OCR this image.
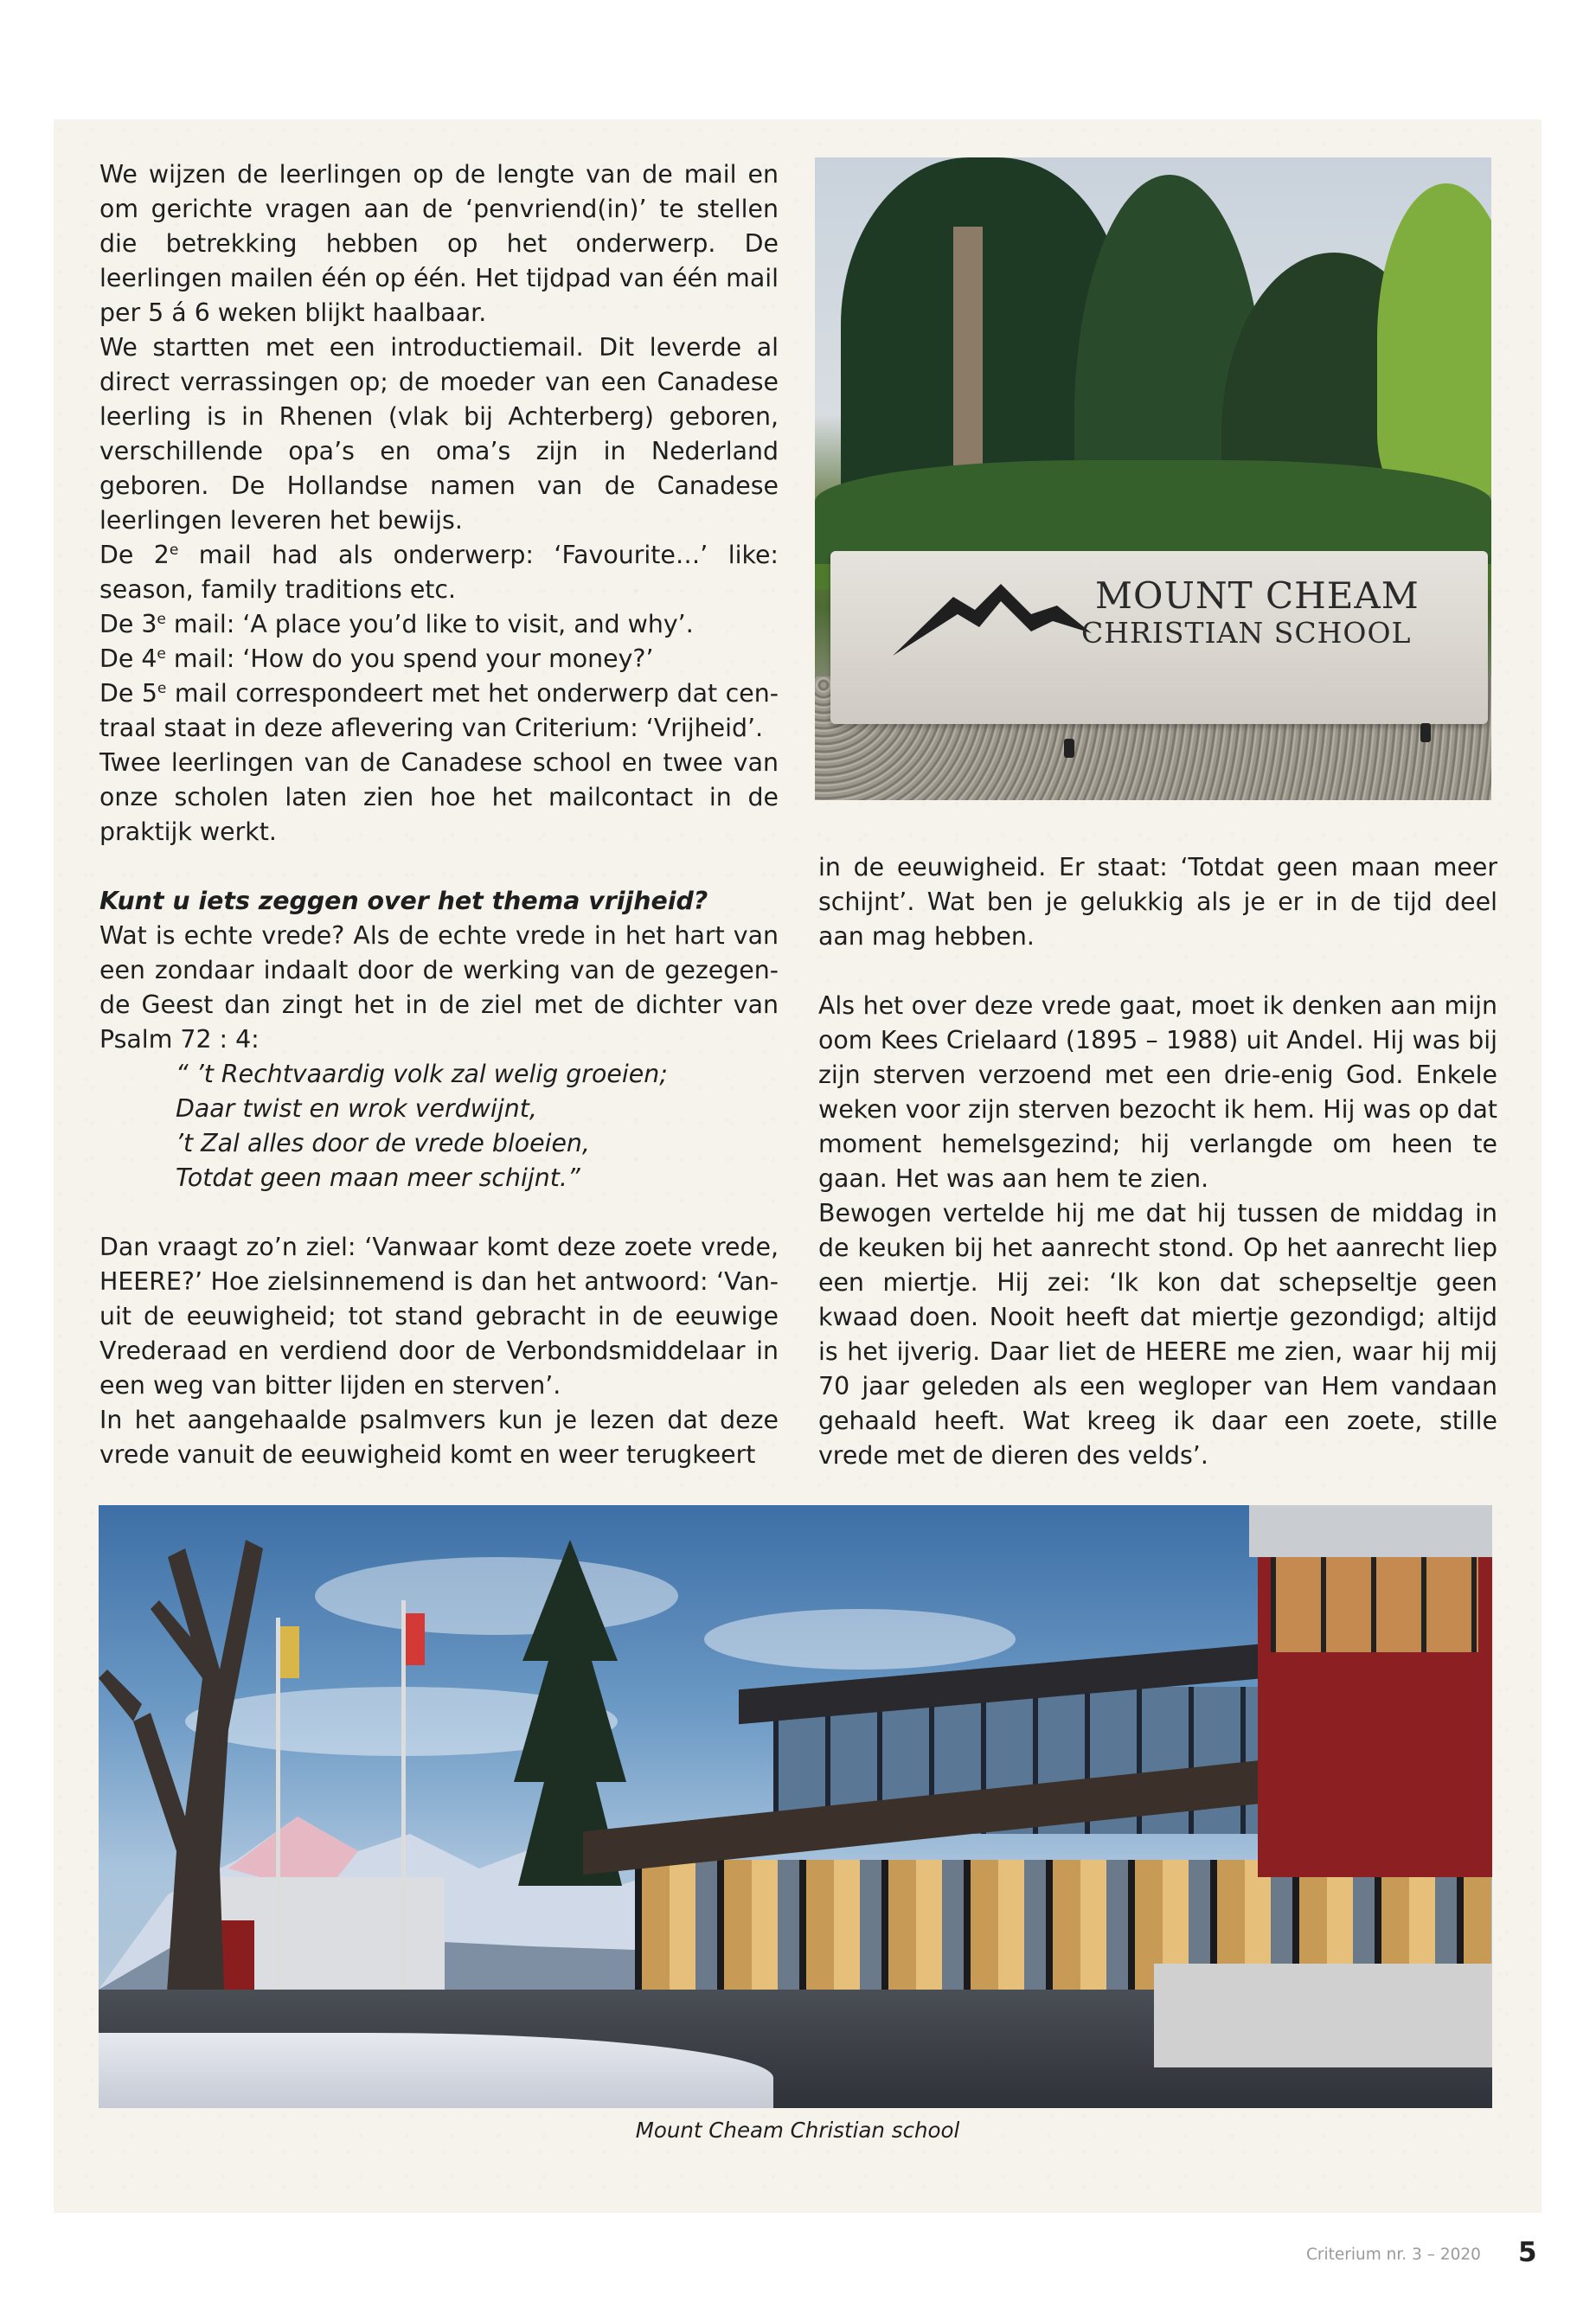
We wijzen de leerlingen op de lengte van de mail en om gerichte vragen aan de ‘penvriend(in)’ te stellen die betrekking hebben op het onderwerp. De leerlingen mailen één op één. Het tijdpad van één mail per 5 á 6 weken blijkt haalbaar.

We startten met een introductiemail. Dit leverde al direct verrassingen op; de moeder van een Canadese leerling is in Rhenen (vlak bij Achterberg) geboren, verschillende opa’s en oma’s zijn in Nederland geboren. De Hollandse namen van de Canadese leerlingen leveren het bewijs.

De 2e mail had als onderwerp: ‘Favourite…’ like: season, family traditions etc.

De 3e mail: ‘A place you’d like to visit, and why’.

De 4e mail: ‘How do you spend your money?’

De 5e mail correspondeert met het onderwerp dat centraal staat in deze aflevering van Criterium: ‘Vrijheid’.

Twee leerlingen van de Canadese school en twee van onze scholen laten zien hoe het mailcontact in de praktijk werkt.

Kunt u iets zeggen over het thema vrijheid?

Wat is echte vrede? Als de echte vrede in het hart van een zondaar indaalt door de werking van de gezegende Geest dan zingt het in de ziel met de dichter van Psalm 72 : 4:

“ ’t Rechtvaardig volk zal welig groeien;

Daar twist en wrok verdwijnt,

’t Zal alles door de vrede bloeien,

Totdat geen maan meer schijnt.”

Dan vraagt zo’n ziel: ‘Vanwaar komt deze zoete vrede, HEERE?’ Hoe zielsinnemend is dan het antwoord: ‘Vanuit de eeuwigheid; tot stand gebracht in de eeuwige Vrederaad en verdiend door de Verbondsmiddelaar in een weg van bitter lijden en sterven’.

In het aangehaalde psalmvers kun je lezen dat deze vrede vanuit de eeuwigheid komt en weer terugkeert

MOUNT CHEAM
CHRISTIAN SCHOOL

in de eeuwigheid. Er staat: ‘Totdat geen maan meer schijnt’. Wat ben je gelukkig als je er in de tijd deel aan mag hebben.

Als het over deze vrede gaat, moet ik denken aan mijn oom Kees Crielaard (1895 – 1988) uit Andel. Hij was bij zijn sterven verzoend met een drie-enig God. Enkele weken voor zijn sterven bezocht ik hem. Hij was op dat moment hemelsgezind; hij verlangde om heen te gaan. Het was aan hem te zien.

Bewogen vertelde hij me dat hij tussen de middag in de keuken bij het aanrecht stond. Op het aanrecht liep een miertje. Hij zei: ‘Ik kon dat schepseltje geen kwaad doen. Nooit heeft dat miertje gezondigd; altijd is het ijverig. Daar liet de HEERE me zien, waar hij mij 70 jaar geleden als een wegloper van Hem vandaan gehaald heeft. Wat kreeg ik daar een zoete, stille vrede met de dieren des velds’.

Mount Cheam Christian school
Criterium nr. 3 – 2020 5
